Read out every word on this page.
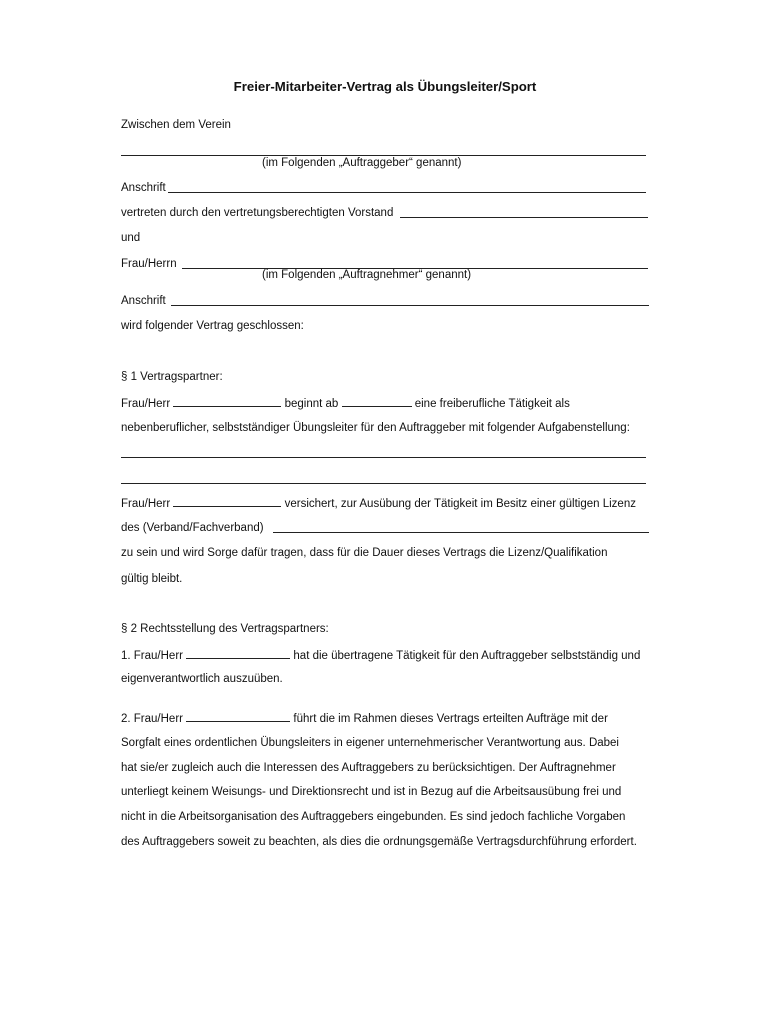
Freier-Mitarbeiter-Vertrag als Übungsleiter/Sport

Zwischen dem Verein

(im Folgenden „Auftraggeber“ genannt)

Anschrift

vertreten durch den vertretungsberechtigten Vorstand

und

Frau/Herrn

(im Folgenden „Auftragnehmer“ genannt)

Anschrift

wird folgender Vertrag geschlossen:

§ 1 Vertragspartner:

Frau/Herr	beginnt ab	eine freiberufliche Tätigkeit als

nebenberuflicher, selbstständiger Übungsleiter für den Auftraggeber mit folgender Aufgabenstellung:

Frau/Herr	versichert, zur Ausübung der Tätigkeit im Besitz einer gültigen Lizenz

des (Verband/Fachverband)

zu sein und wird Sorge dafür tragen, dass für die Dauer dieses Vertrags die Lizenz/Qualifikation

gültig bleibt.

§ 2 Rechtsstellung des Vertragspartners:

1. Frau/Herr	hat die übertragene Tätigkeit für den Auftraggeber selbstständig und

eigenverantwortlich auszuüben.

2. Frau/Herr	führt die im Rahmen dieses Vertrags erteilten Aufträge mit der

Sorgfalt eines ordentlichen Übungsleiters in eigener unternehmerischer Verantwortung aus. Dabei

hat sie/er zugleich auch die Interessen des Auftraggebers zu berücksichtigen. Der Auftragnehmer

unterliegt keinem Weisungs- und Direktionsrecht und ist in Bezug auf die Arbeitsausübung frei und

nicht in die Arbeitsorganisation des Auftraggebers eingebunden. Es sind jedoch fachliche Vorgaben

des Auftraggebers soweit zu beachten, als dies die ordnungsgemäße Vertragsdurchführung erfordert.
